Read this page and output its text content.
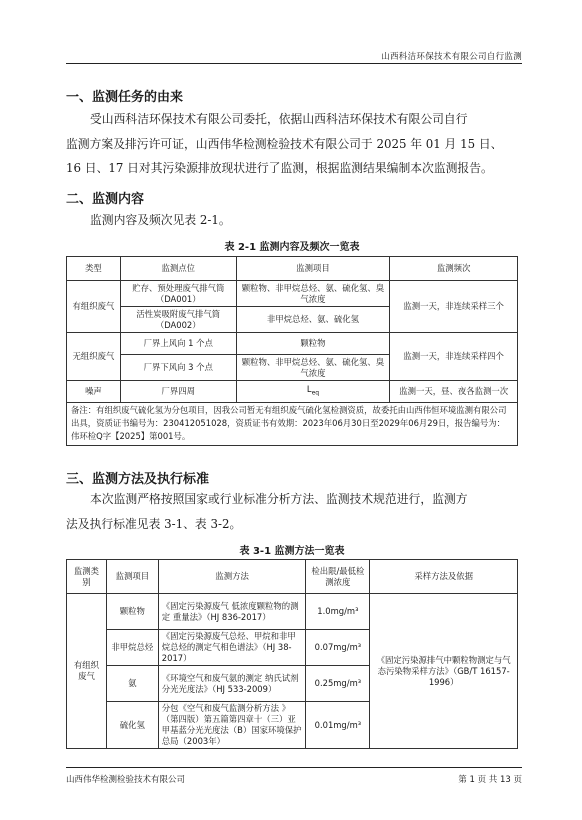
山西科洁环保技术有限公司自行监测
一、监测任务的由来
受山西科洁环保技术有限公司委托，依据山西科洁环保技术有限公司自行
监测方案及排污许可证，山西伟华检测检验技术有限公司于 2025 年 01 月 15 日、
16 日、17 日对其污染源排放现状进行了监测，根据监测结果编制本次监测报告。
二、监测内容
监测内容及频次见表 2-1。
表 2-1 监测内容及频次一览表
类型	监测点位	监测项目	监测频次
有组织废气	贮存、预处理废气排气筒（DA001）	颗粒物、非甲烷总烃、氨、硫化氢、臭气浓度	监测一天，非连续采样三个
	活性炭吸附废气排气筒（DA002）	非甲烷总烃、氨、硫化氢	
无组织废气	厂界上风向 1 个点	颗粒物	监测一天，非连续采样四个
	厂界下风向 3 个点	颗粒物、非甲烷总烃、氨、硫化氢、臭气浓度	
噪声	厂界四周	$L_{eq}$	监测一天，昼、夜各监测一次
备注：有组织废气硫化氢为分包项目，因我公司暂无有组织废气硫化氢检测资质，故委托由山西伟恒环境监测有限公司出具，资质证书编号为：230412051028，资质证书有效期：2023年06月30日至2029年06月29日，报告编号为：伟环检Q字【2025】第001号。
三、监测方法及执行标准
本次监测严格按照国家或行业标准分析方法、监测技术规范进行，监测方
法及执行标准见表 3-1、表 3-2。
表 3-1 监测方法一览表
监测类别	监测项目	监测方法	检出限/最低检测浓度	采样方法及依据
有组织废气	颗粒物	《固定污染源废气 低浓度颗粒物的测定 重量法》（HJ 836-2017）	1.0mg/m³	《固定污染源排气中颗粒物测定与气态污染物采样方法》（GB/T 16157-1996）
	非甲烷总烃	《固定污染源废气总烃、甲烷和非甲烷总烃的测定气相色谱法》（HJ 38-2017）	0.07mg/m³	
	氨	《环境空气和废气氨的测定 纳氏试剂分光光度法》（HJ 533-2009）	0.25mg/m³	
	硫化氢	分包《空气和废气监测分析方法 》（第四版）第五篇第四章十（三）亚甲基蓝分光光度法（B）国家环境保护总局（2003年）	0.01mg/m³	
山西伟华检测检验技术有限公司	第 1 页 共 13 页
